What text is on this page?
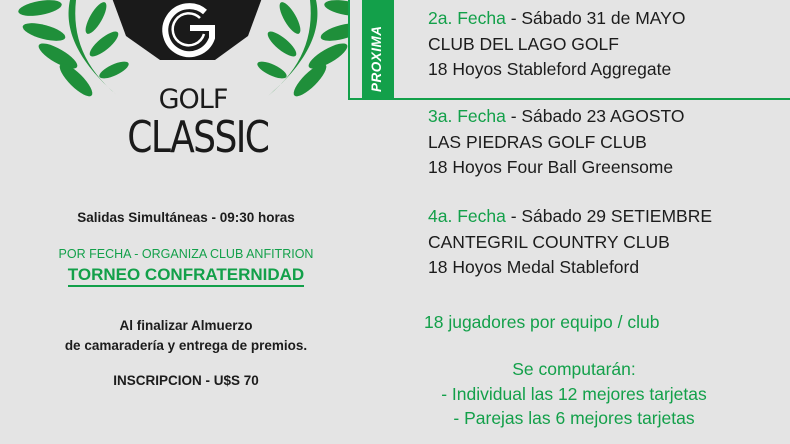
GOLF
CLASSIC
Salidas Simultáneas - 09:30 horas
POR FECHA - ORGANIZA CLUB ANFITRION
TORNEO CONFRATERNIDAD
Al finalizar Almuerzo
de camaradería y entrega de premios.
INSCRIPCION - U$S 70
PROXIMA
2a. Fecha - Sábado 31 de MAYO
CLUB DEL LAGO GOLF
18 Hoyos Stableford Aggregate
3a. Fecha - Sábado 23 AGOSTO
LAS PIEDRAS GOLF CLUB
18 Hoyos Four Ball Greensome
4a. Fecha - Sábado 29 SETIEMBRE
CANTEGRIL COUNTRY CLUB
18 Hoyos Medal Stableford
18 jugadores por equipo / club
Se computarán:
- Individual las 12 mejores tarjetas
- Parejas las 6 mejores tarjetas
